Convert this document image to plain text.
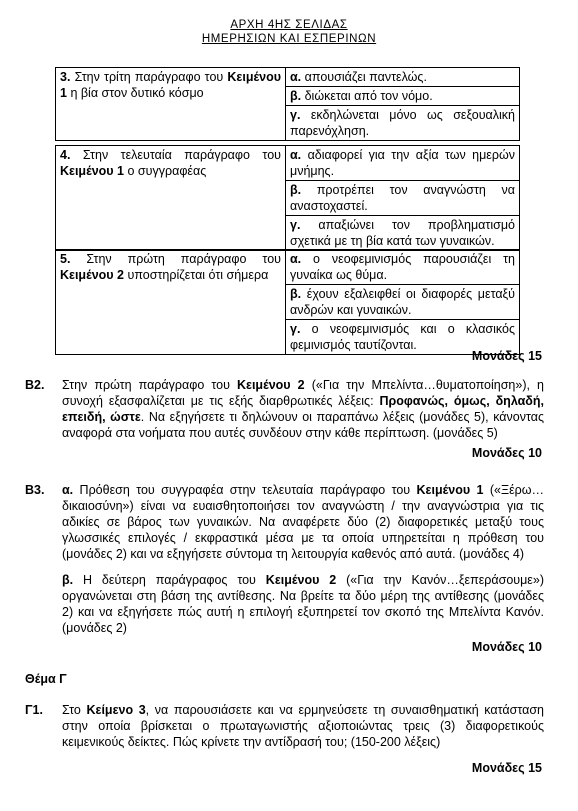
ΑΡΧΗ 4ΗΣ ΣΕΛΙΔΑΣ
ΗΜΕΡΗΣΙΩΝ ΚΑΙ ΕΣΠΕΡΙΝΩΝ
3. Στην τρίτη παράγραφο του Κειμένου 1 η βία στον δυτικό κόσμο	α. απουσιάζει παντελώς.
β. διώκεται από τον νόμο.
γ. εκδηλώνεται μόνο ως σεξουαλική παρενόχληση.
4. Στην τελευταία παράγραφο του Κειμένου 1 ο συγγραφέας	α. αδιαφορεί για την αξία των ημερών μνήμης.
β. προτρέπει τον αναγνώστη να αναστοχαστεί.
γ. απαξιώνει τον προβληματισμό σχετικά με τη βία κατά των γυναικών.
5. Στην πρώτη παράγραφο του Κειμένου 2 υποστηρίζεται ότι σήμερα	α. ο νεοφεμινισμός παρουσιάζει τη γυναίκα ως θύμα.
β. έχουν εξαλειφθεί οι διαφορές μεταξύ ανδρών και γυναικών.
γ. ο νεοφεμινισμός και ο κλασικός φεμινισμός ταυτίζονται.
Μονάδες 15
Β2. Στην πρώτη παράγραφο του Κειμένου 2 («Για την Μπελίντα…θυματοποίηση»), η συνοχή εξασφαλίζεται με τις εξής διαρθρωτικές λέξεις: Προφανώς, όμως, δηλαδή, επειδή, ώστε. Να εξηγήσετε τι δηλώνουν οι παραπάνω λέξεις (μονάδες 5), κάνοντας αναφορά στα νοήματα που αυτές συνδέουν στην κάθε περίπτωση. (μονάδες 5)
Μονάδες 10
Β3. α. Πρόθεση του συγγραφέα στην τελευταία παράγραφο του Κειμένου 1 («Ξέρω… δικαιοσύνη») είναι να ευαισθητοποιήσει τον αναγνώστη / την αναγνώστρια για τις αδικίες σε βάρος των γυναικών. Να αναφέρετε δύο (2) διαφορετικές μεταξύ τους γλωσσικές επιλογές / εκφραστικά μέσα με τα οποία υπηρετείται η πρόθεση του (μονάδες 2) και να εξηγήσετε σύντομα τη λειτουργία καθενός από αυτά. (μονάδες 4)
β. Η δεύτερη παράγραφος του Κειμένου 2 («Για την Κανόν…ξεπεράσουμε») οργανώνεται στη βάση της αντίθεσης. Να βρείτε τα δύο μέρη της αντίθεσης (μονάδες 2) και να εξηγήσετε πώς αυτή η επιλογή εξυπηρετεί τον σκοπό της Μπελίντα Κανόν. (μονάδες 2)
Μονάδες 10
Θέμα Γ
Γ1. Στο Κείμενο 3, να παρουσιάσετε και να ερμηνεύσετε τη συναισθηματική κατάσταση στην οποία βρίσκεται ο πρωταγωνιστής αξιοποιώντας τρεις (3) διαφορετικούς κειμενικούς δείκτες. Πώς κρίνετε την αντίδρασή του; (150-200 λέξεις)
Μονάδες 15
